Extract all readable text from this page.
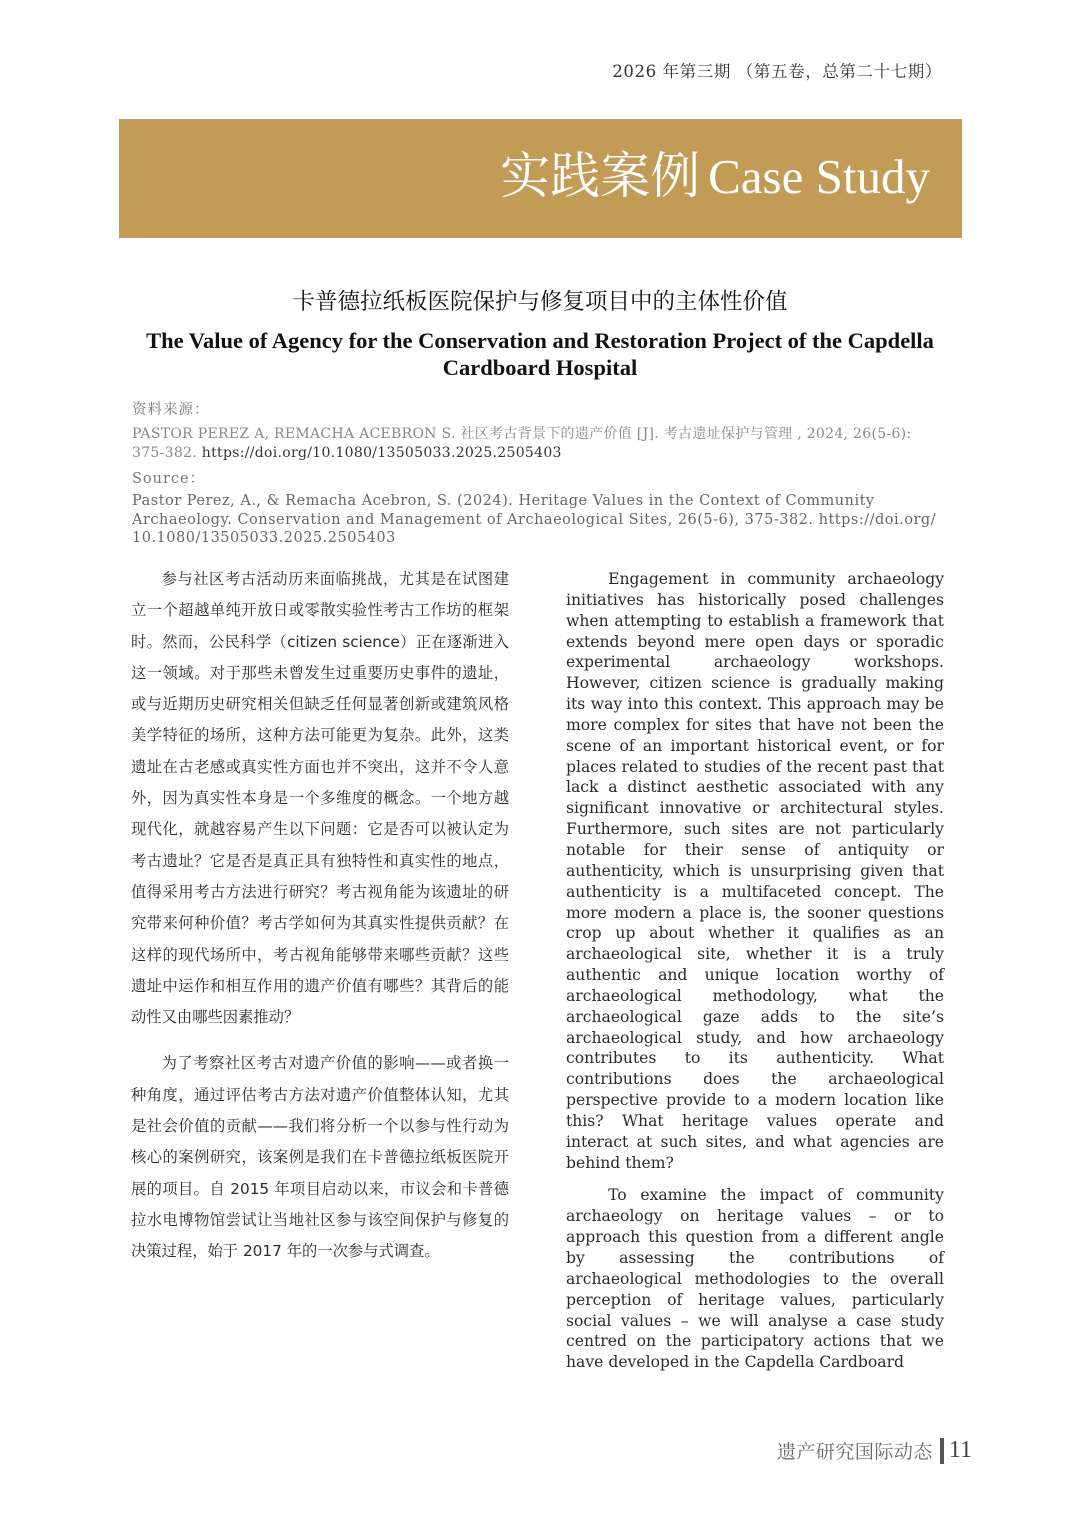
2026 年第三期 （第五卷，总第二十七期）
实践案例 Case Study
卡普德拉纸板医院保护与修复项目中的主体性价值
The Value of Agency for the Conservation and Restoration Project of the Capdella Cardboard Hospital
资料来源：
PASTOR PEREZ A, REMACHA ACEBRON S. 社区考古背景下的遗产价值 [J]. 考古遗址保护与管理 , 2024, 26(5-6): 375-382. https://doi.org/10.1080/13505033.2025.2505403
Source：
Pastor Perez, A., & Remacha Acebron, S. (2024). Heritage Values in the Context of Community Archaeology. Conservation and Management of Archaeological Sites, 26(5-6), 375-382. https://doi.org/ 10.1080/13505033.2025.2505403

参与社区考古活动历来面临挑战，尤其是在试图建立一个超越单纯开放日或零散实验性考古工作坊的框架时。然而，公民科学（citizen science）正在逐渐进入这一领域。对于那些未曾发生过重要历史事件的遗址，或与近期历史研究相关但缺乏任何显著创新或建筑风格美学特征的场所，这种方法可能更为复杂。此外，这类遗址在古老感或真实性方面也并不突出，这并不令人意外，因为真实性本身是一个多维度的概念。一个地方越现代化，就越容易产生以下问题：它是否可以被认定为考古遗址？它是否是真正具有独特性和真实性的地点，值得采用考古方法进行研究？考古视角能为该遗址的研究带来何种价值？考古学如何为其真实性提供贡献？在这样的现代场所中，考古视角能够带来哪些贡献？这些遗址中运作和相互作用的遗产价值有哪些？其背后的能动性又由哪些因素推动？

为了考察社区考古对遗产价值的影响——或者换一种角度，通过评估考古方法对遗产价值整体认知，尤其是社会价值的贡献——我们将分析一个以参与性行动为核心的案例研究，该案例是我们在卡普德拉纸板医院开展的项目。自 2015 年项目启动以来，市议会和卡普德拉水电博物馆尝试让当地社区参与该空间保护与修复的决策过程，始于 2017 年的一次参与式调查。

Engagement in community archaeology initiatives has historically posed challenges when attempting to establish a framework that extends beyond mere open days or sporadic experimental archaeology workshops. However, citizen science is gradually making its way into this context. This approach may be more complex for sites that have not been the scene of an important historical event, or for places related to studies of the recent past that lack a distinct aesthetic associated with any significant innovative or architectural styles. Furthermore, such sites are not particularly notable for their sense of antiquity or authenticity, which is unsurprising given that authenticity is a multifaceted concept. The more modern a place is, the sooner questions crop up about whether it qualifies as an archaeological site, whether it is a truly authentic and unique location worthy of archaeological methodology, what the archaeological gaze adds to the site’s archaeological study, and how archaeology contributes to its authenticity. What contributions does the archaeological perspective provide to a modern location like this? What heritage values operate and interact at such sites, and what agencies are behind them?

To examine the impact of community archaeology on heritage values – or to approach this question from a different angle by assessing the contributions of archaeological methodologies to the overall perception of heritage values, particularly social values – we will analyse a case study centred on the participatory actions that we have developed in the Capdella Cardboard

遗产研究国际动态 11
